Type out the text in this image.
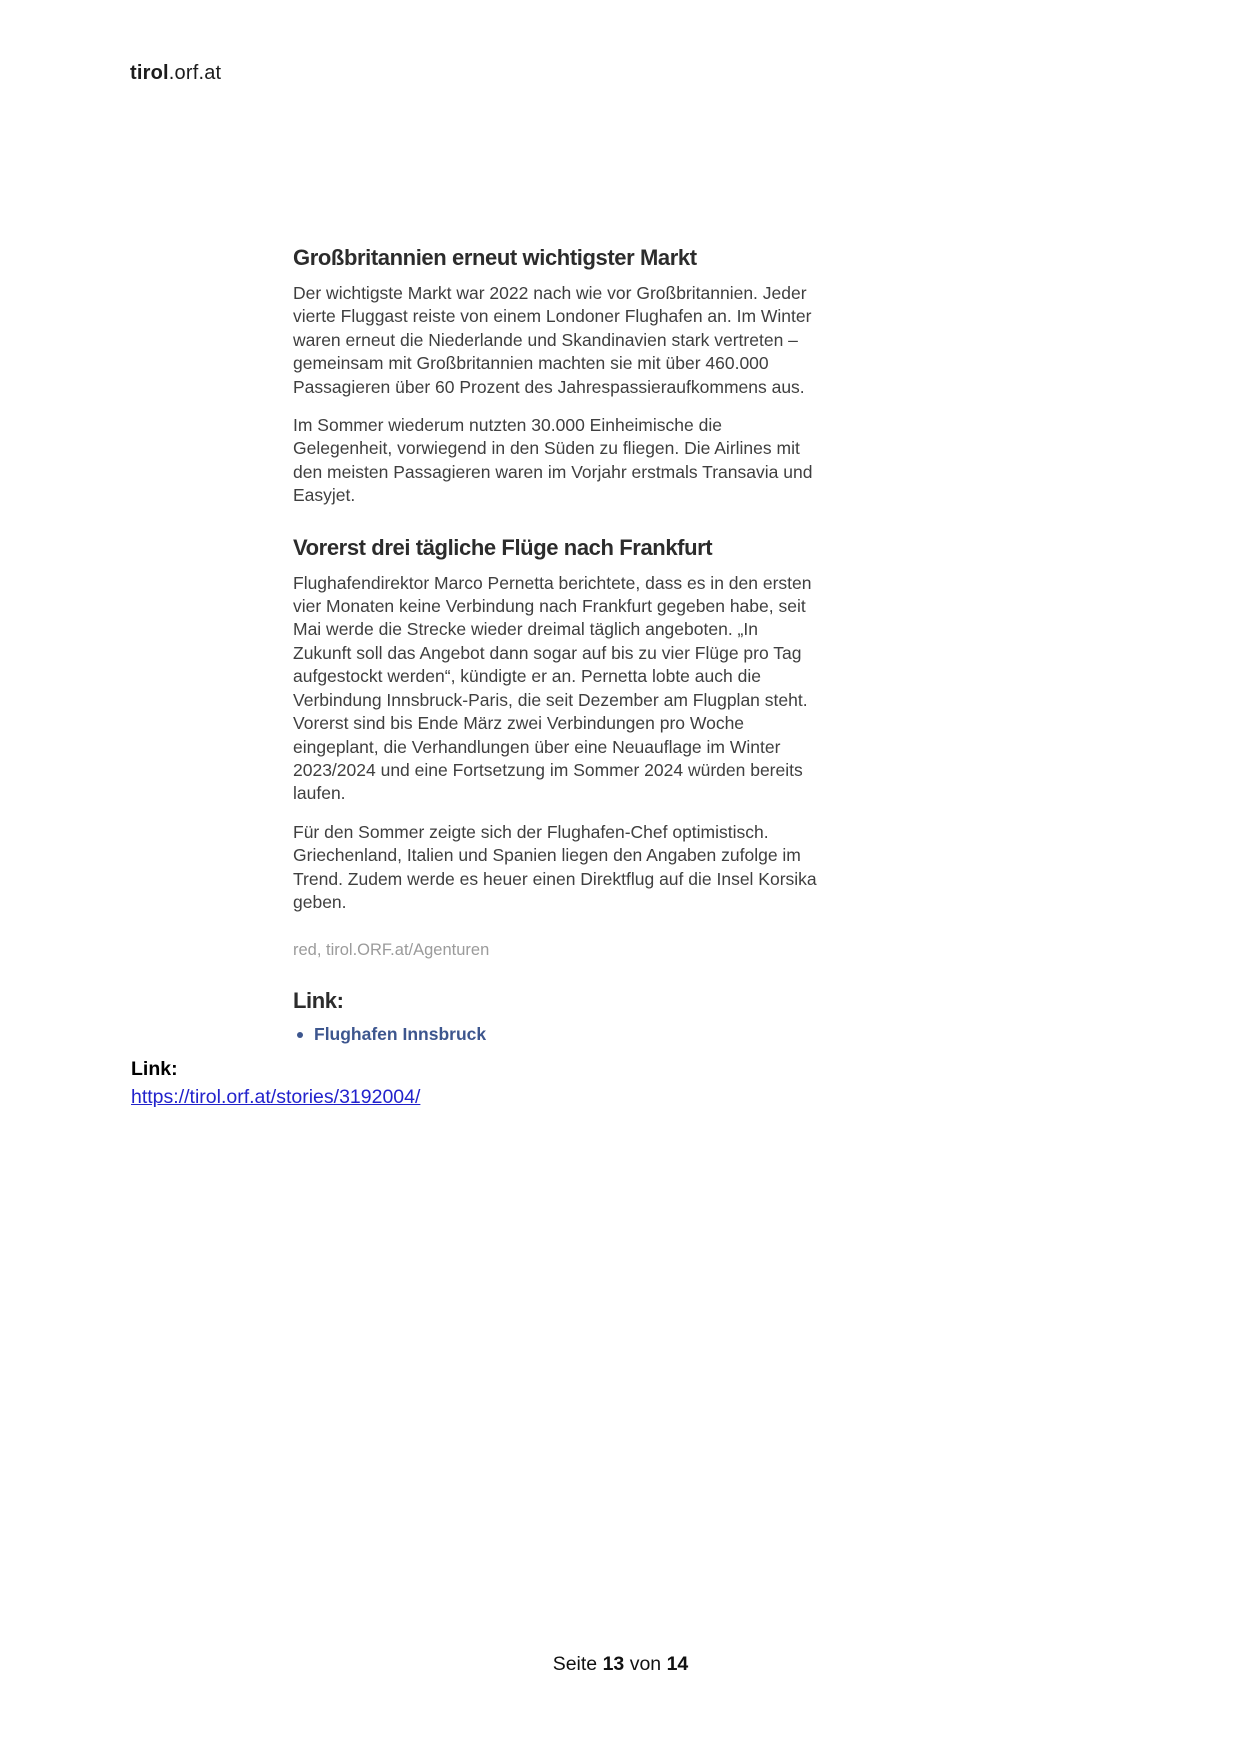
tirol.orf.at
Großbritannien erneut wichtigster Markt

Der wichtigste Markt war 2022 nach wie vor Großbritannien. Jeder vierte Fluggast reiste von einem Londoner Flughafen an. Im Winter waren erneut die Niederlande und Skandinavien stark vertreten – gemeinsam mit Großbritannien machten sie mit über 460.000 Passagieren über 60 Prozent des Jahrespassieraufkommens aus.

Im Sommer wiederum nutzten 30.000 Einheimische die Gelegenheit, vorwiegend in den Süden zu fliegen. Die Airlines mit den meisten Passagieren waren im Vorjahr erstmals Transavia und Easyjet.

Vorerst drei tägliche Flüge nach Frankfurt

Flughafendirektor Marco Pernetta berichtete, dass es in den ersten vier Monaten keine Verbindung nach Frankfurt gegeben habe, seit Mai werde die Strecke wieder dreimal täglich angeboten. „In Zukunft soll das Angebot dann sogar auf bis zu vier Flüge pro Tag aufgestockt werden“, kündigte er an. Pernetta lobte auch die Verbindung Innsbruck-Paris, die seit Dezember am Flugplan steht. Vorerst sind bis Ende März zwei Verbindungen pro Woche eingeplant, die Verhandlungen über eine Neuauflage im Winter 2023/2024 und eine Fortsetzung im Sommer 2024 würden bereits laufen.

Für den Sommer zeigte sich der Flughafen-Chef optimistisch. Griechenland, Italien und Spanien liegen den Angaben zufolge im Trend. Zudem werde es heuer einen Direktflug auf die Insel Korsika geben.

red, tirol.ORF.at/Agenturen
Link:
Flughafen Innsbruck
Link:
https://tirol.orf.at/stories/3192004/
Seite 13 von 14
